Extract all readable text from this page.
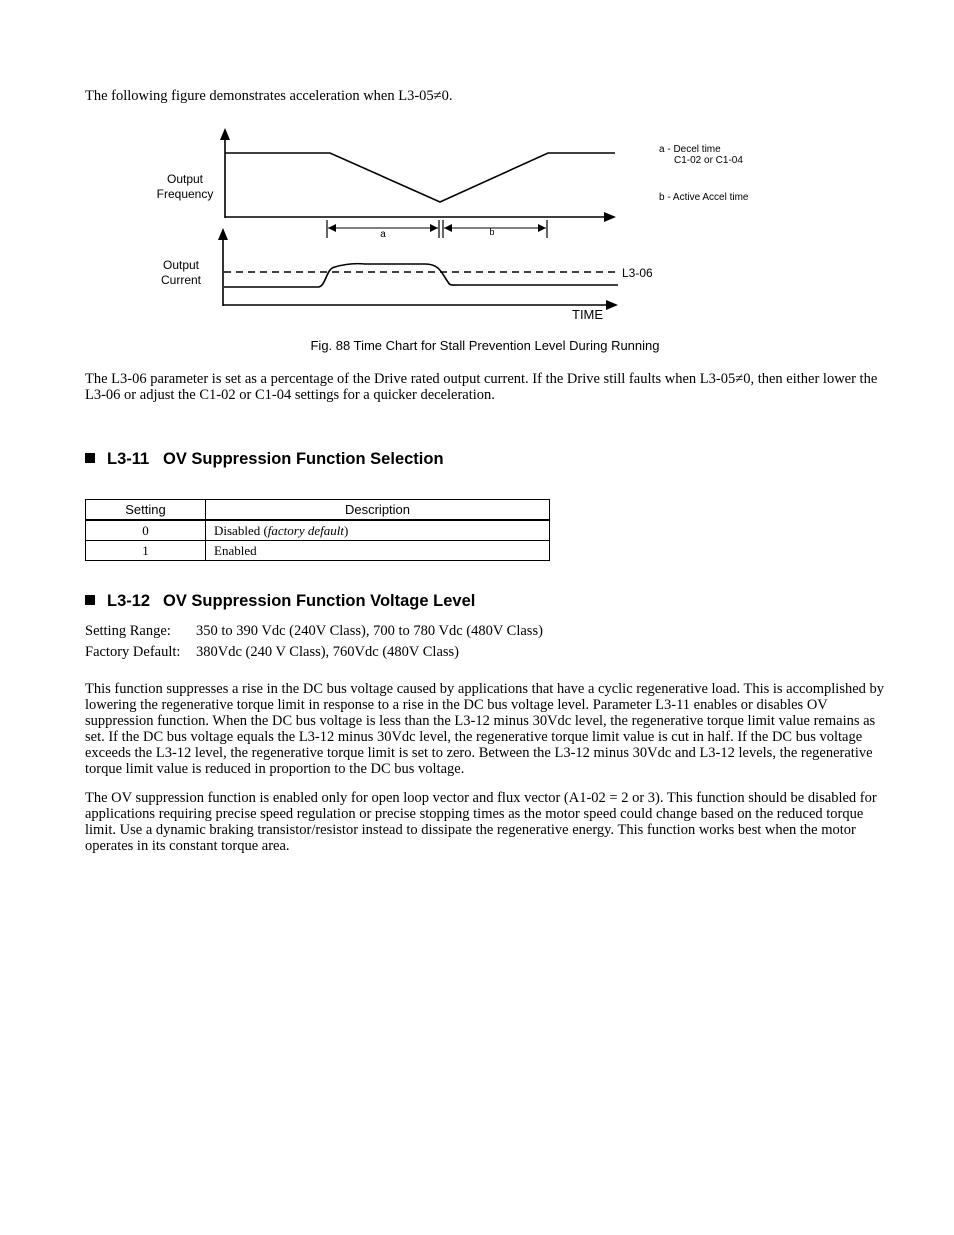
The following figure demonstrates acceleration when L3-05≠0.
Output
Frequency
a	b
Output
Current	L3-06
TIME
a - Decel time
C1-02 or C1-04
b - Active Accel time
Fig. 88 Time Chart for Stall Prevention Level During Running
The L3-06 parameter is set as a percentage of the Drive rated output current. If the Drive still faults when L3-05≠0, then either lower the L3-06 or adjust the C1-02 or C1-04 settings for a quicker deceleration.
L3-11 OV Suppression Function Selection
Setting	Description
0	Disabled (factory default)
1	Enabled
L3-12 OV Suppression Function Voltage Level
Setting Range: 350 to 390 Vdc (240V Class), 700 to 780 Vdc (480V Class)
Factory Default: 380Vdc (240 V Class), 760Vdc (480V Class)
This function suppresses a rise in the DC bus voltage caused by applications that have a cyclic regenerative load. This is accomplished by lowering the regenerative torque limit in response to a rise in the DC bus voltage level. Parameter L3-11 enables or disables OV suppression function. When the DC bus voltage is less than the L3-12 minus 30Vdc level, the regenerative torque limit value remains as set. If the DC bus voltage equals the L3-12 minus 30Vdc level, the regenerative torque limit value is cut in half. If the DC bus voltage exceeds the L3-12 level, the regenerative torque limit is set to zero. Between the L3-12 minus 30Vdc and L3-12 levels, the regenerative torque limit value is reduced in proportion to the DC bus voltage.
The OV suppression function is enabled only for open loop vector and flux vector (A1-02 = 2 or 3). This function should be disabled for applications requiring precise speed regulation or precise stopping times as the motor speed could change based on the reduced torque limit. Use a dynamic braking transistor/resistor instead to dissipate the regenerative energy. This function works best when the motor operates in its constant torque area.
